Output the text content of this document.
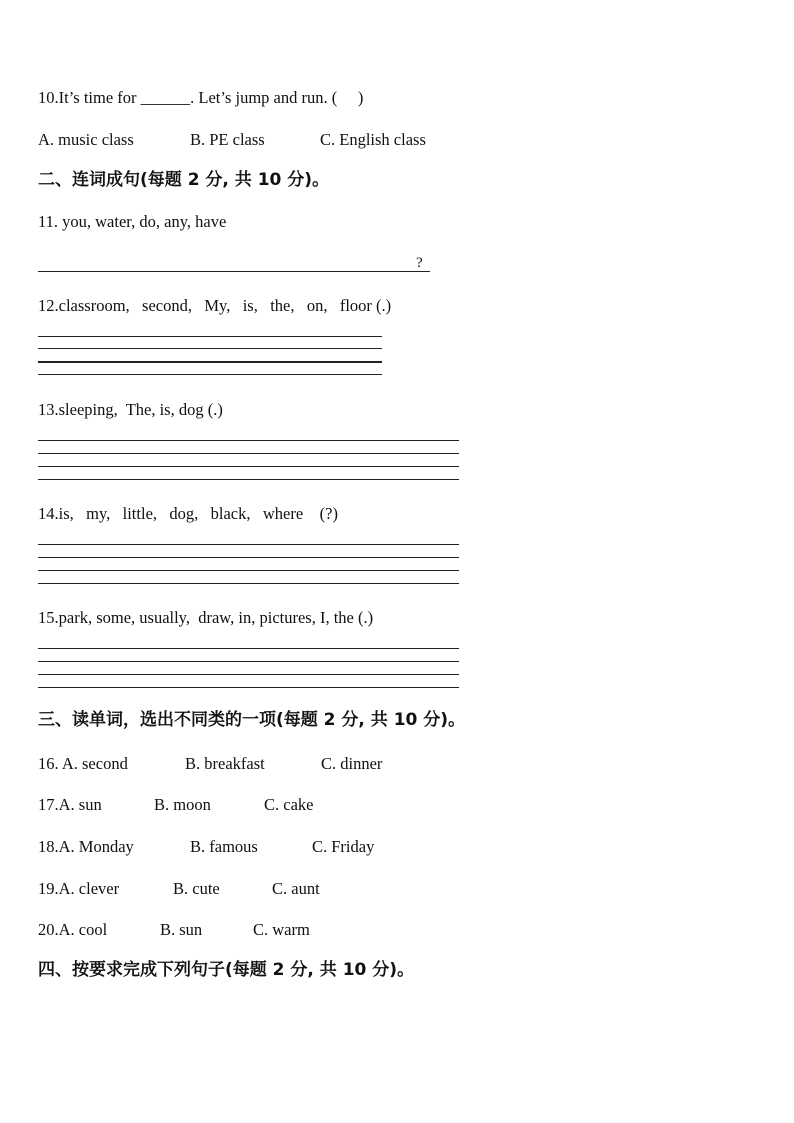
10.It’s time for ______. Let’s jump and run. (     )
A. music class	B. PE class	C. English class
二、连词成句(每题 2 分, 共 10 分)。
11. you, water, do, any, have
?
12.classroom,   second,   My,   is,   the,   on,   floor (.)
13.sleeping,  The, is, dog (.)
14.is,   my,   little,   dog,   black,   where    (?)
15.park, some, usually,  draw, in, pictures, I, the (.)
三、读单词，选出不同类的一项(每题 2 分, 共 10 分)。
16. A. second	B. breakfast	C. dinner
17.A. sun	B. moon	C. cake
18.A. Monday	B. famous	C. Friday
19.A. clever	B. cute	C. aunt
20.A. cool	B. sun	C. warm
四、按要求完成下列句子(每题 2 分, 共 10 分)。
